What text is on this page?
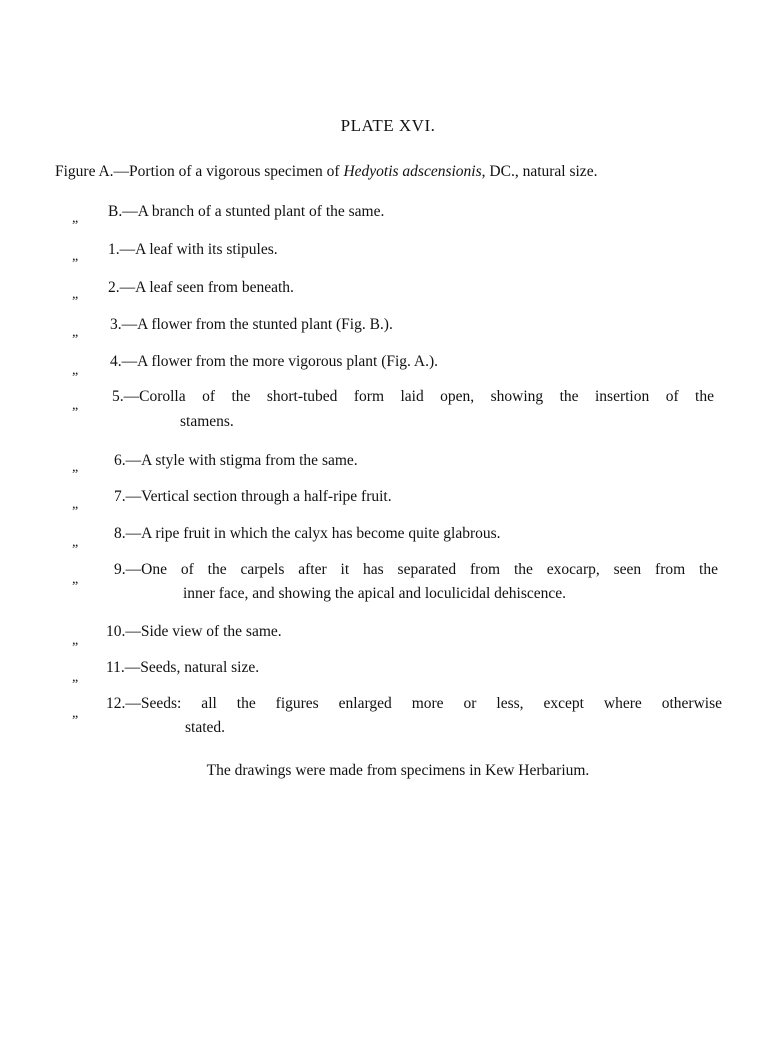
PLATE XVI.
Figure A.—Portion of a vigorous specimen of Hedyotis adscensionis, DC., natural size.
„ B.—A branch of a stunted plant of the same.
„ 1.—A leaf with its stipules.
„ 2.—A leaf seen from beneath.
„ 3.—A flower from the stunted plant (Fig. B.).
„
4.—A flower from the more vigorous plant (Fig. A.).
„
5.—Corolla of the short-tubed form laid open, showing the insertion of the
stamens.
„ 6.—A style with stigma from the same.
„ 7.—Vertical section through a half-ripe fruit.
„
8.—A ripe fruit in which the calyx has become quite glabrous.
„
9.—One of the carpels after it has separated from the exocarp, seen from the
inner face, and showing the apical and loculicidal dehiscence.
„
10.—Side view of the same.
„
11.—Seeds, natural size.
„
12.—Seeds: all the figures enlarged more or less, except where otherwise
stated.
The drawings were made from specimens in Kew Herbarium.
